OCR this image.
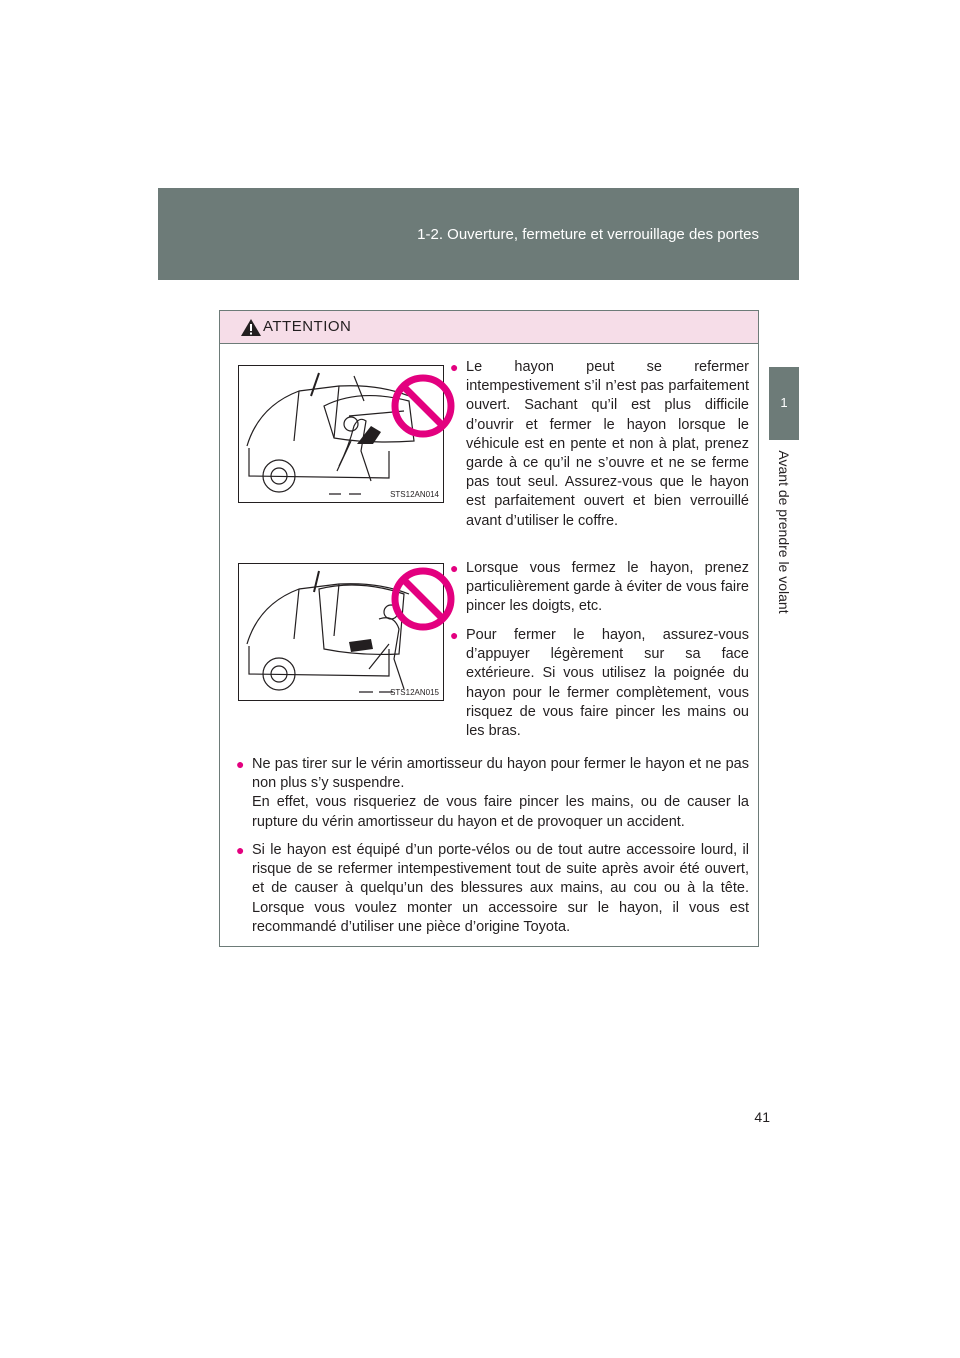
1-2. Ouverture, fermeture et verrouillage des portes
1
Avant de prendre le volant
ATTENTION
STS12AN014
STS12AN015
● Le hayon peut se refermer intempestivement s’il n’est pas parfaitement ouvert. Sachant qu’il est plus difficile d’ouvrir et fermer le hayon lorsque le véhicule est en pente et non à plat, prenez garde à ce qu’il ne s’ouvre et ne se ferme pas tout seul. Assurez-vous que le hayon est parfaitement ouvert et bien verrouillé avant d’utiliser le coffre.

● Lorsque vous fermez le hayon, prenez particulièrement garde à éviter de vous faire pincer les doigts, etc.

● Pour fermer le hayon, assurez-vous d’appuyer légèrement sur sa face extérieure. Si vous utilisez la poignée du hayon pour le fermer complètement, vous risquez de vous faire pincer les mains ou les bras.

● Ne pas tirer sur le vérin amortisseur du hayon pour fermer le hayon et ne pas non plus s’y suspendre.

En effet, vous risqueriez de vous faire pincer les mains, ou de causer la rupture du vérin amortisseur du hayon et de provoquer un accident.

● Si le hayon est équipé d’un porte-vélos ou de tout autre accessoire lourd, il risque de se refermer intempestivement tout de suite après avoir été ouvert, et de causer à quelqu’un des blessures aux mains, au cou ou à la tête. Lorsque vous voulez monter un accessoire sur le hayon, il vous est recommandé d’utiliser une pièce d’origine Toyota.

41
